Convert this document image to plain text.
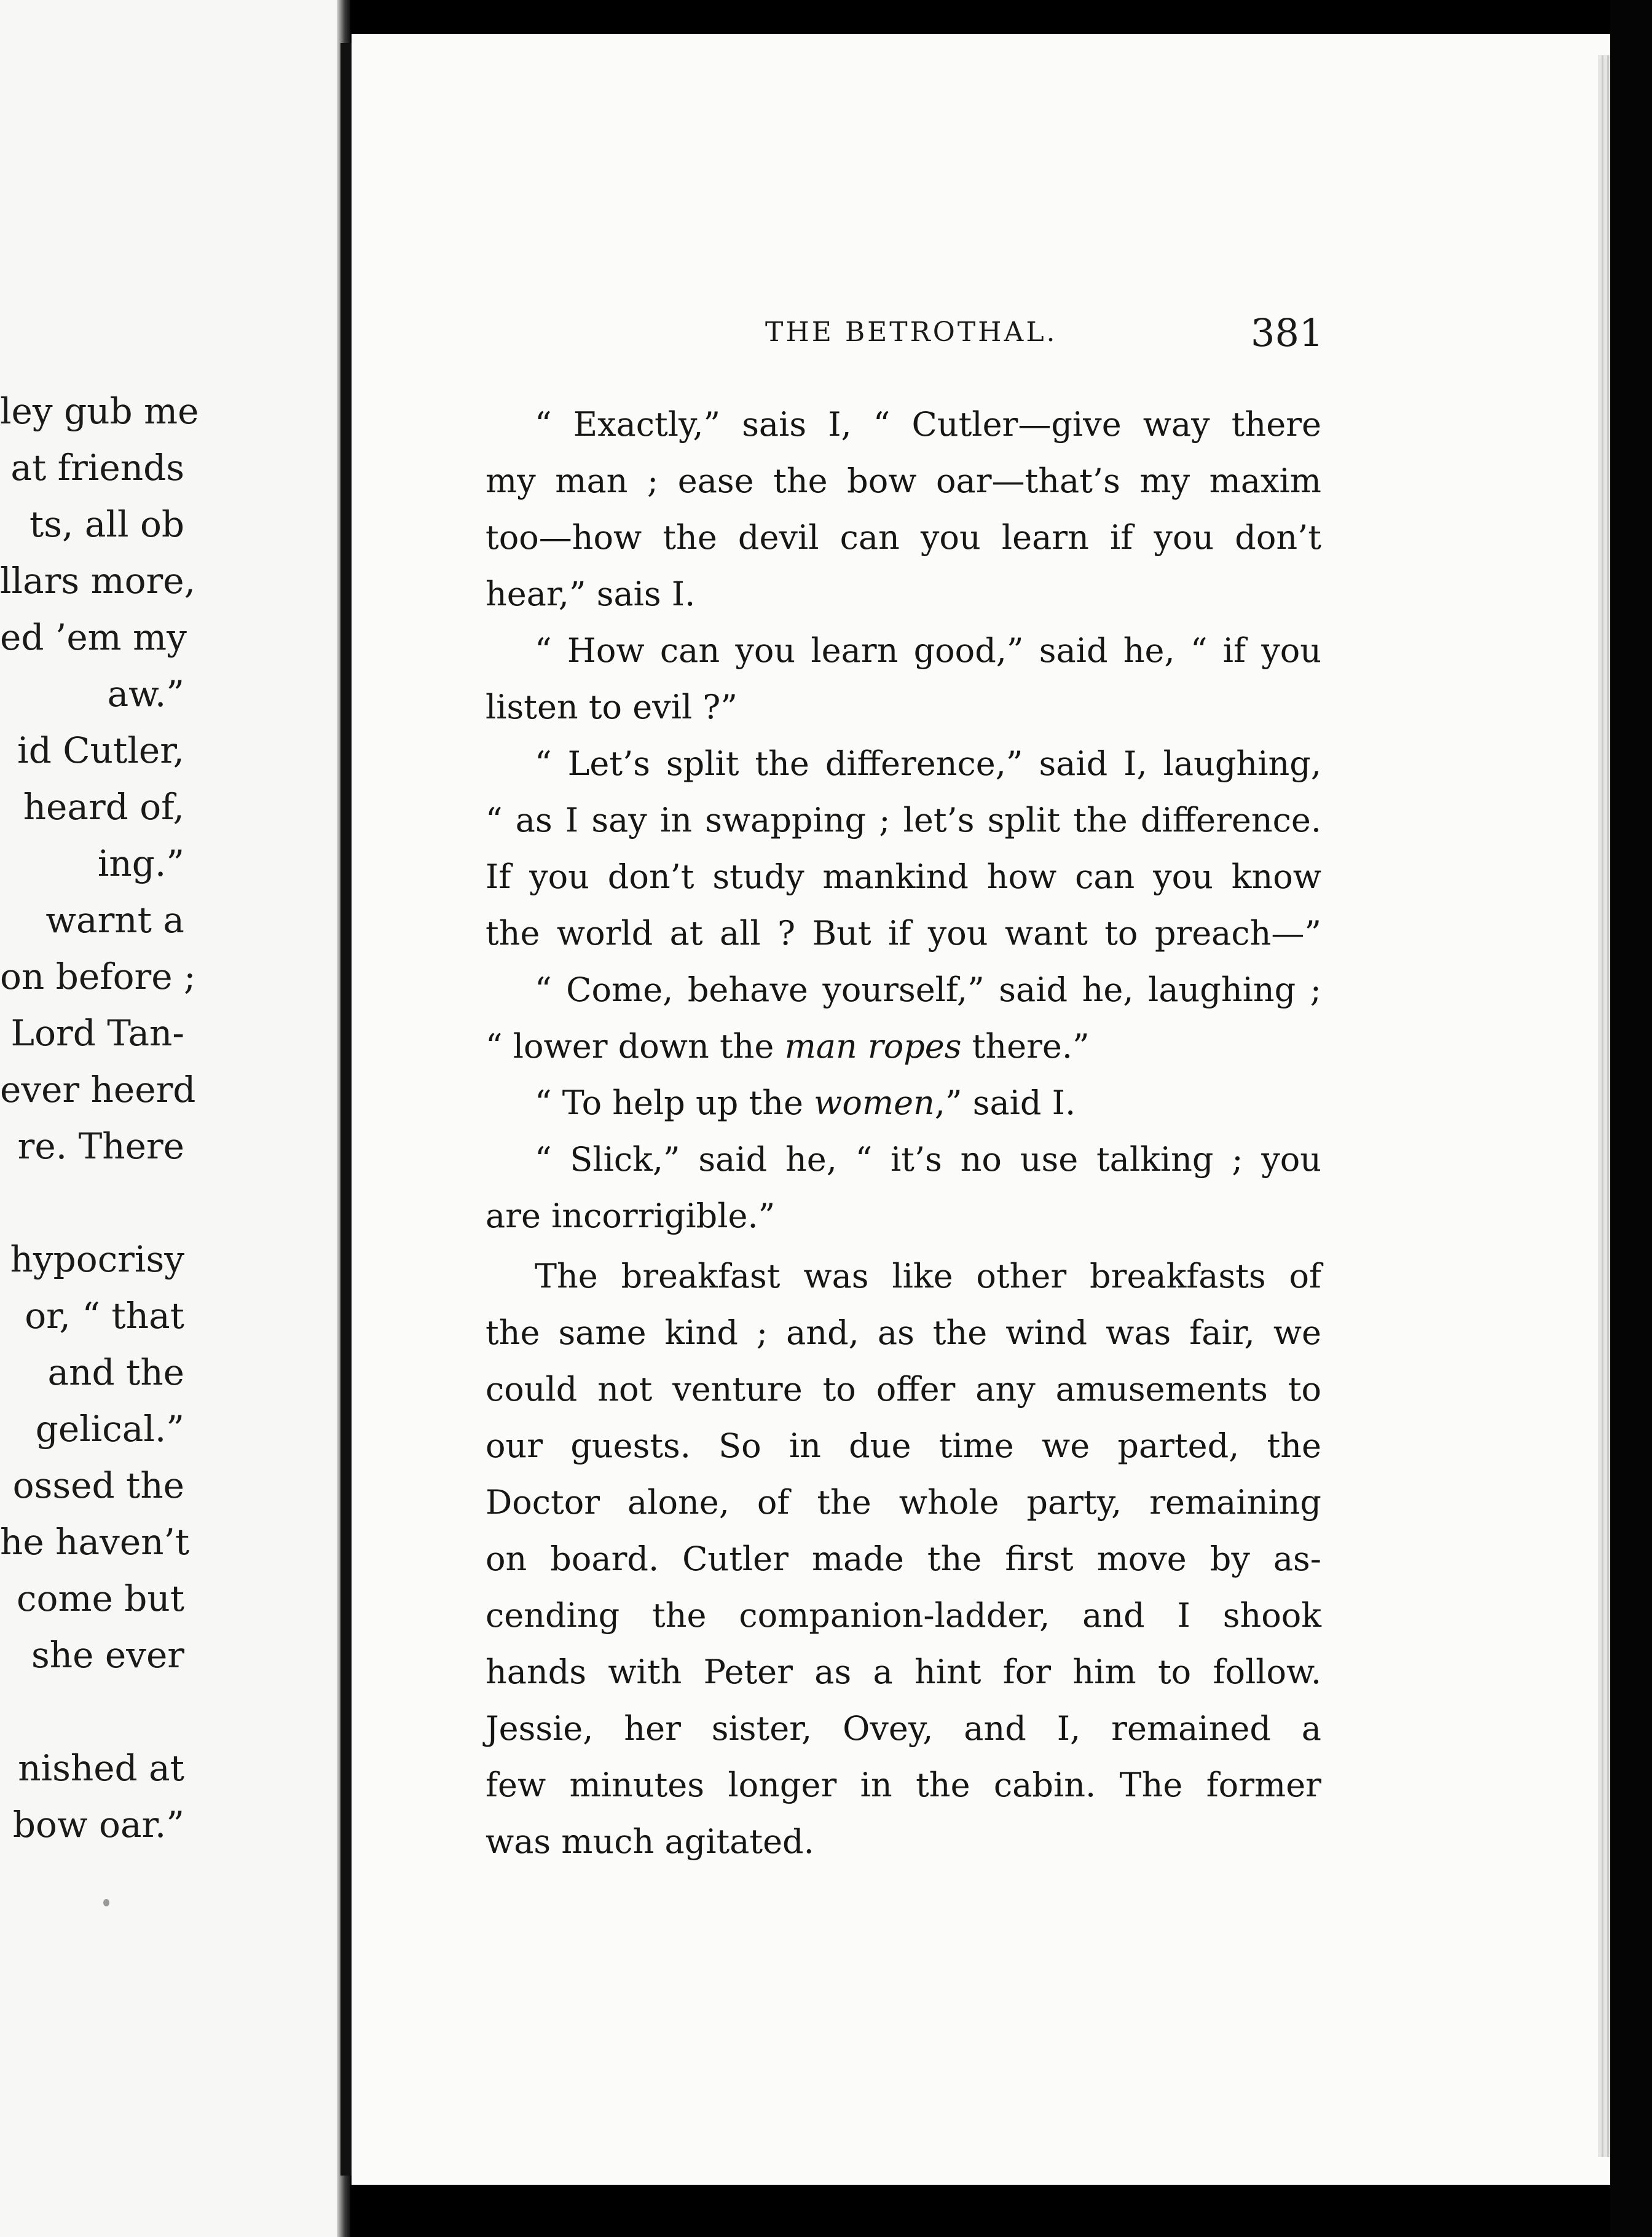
ley gub me
at friends
ts, all ob
llars more,
ed ’em my
aw.”
id Cutler,
heard of,
ing.”
warnt a
on before ;
Lord Tan-
ever heerd
re. There
hypocrisy
or, “ that
and the
gelical.”
ossed the
he haven’t
come but
she ever
nished at
bow oar.”
THE BETROTHAL.	381
“ Exactly,” sais I, “ Cutler—give way there
my man ; ease the bow oar—that’s my maxim
too—how the devil can you learn if you don’t
hear,” sais I.
“ How can you learn good,” said he, “ if you
listen to evil ?”
“ Let’s split the difference,” said I, laughing,
“ as I say in swapping ; let’s split the difference.
If you don’t study mankind how can you know
the world at all ? But if you want to preach—”
“ Come, behave yourself,” said he, laughing ;
“ lower down the man ropes there.”
“ To help up the women,” said I.
“ Slick,” said he, “ it’s no use talking ; you
are incorrigible.”
The breakfast was like other breakfasts of
the same kind ; and, as the wind was fair, we
could not venture to offer any amusements to
our guests. So in due time we parted, the
Doctor alone, of the whole party, remaining
on board. Cutler made the first move by as-
cending the companion-ladder, and I shook
hands with Peter as a hint for him to follow.
Jessie, her sister, Ovey, and I, remained a
few minutes longer in the cabin. The former
was much agitated.
